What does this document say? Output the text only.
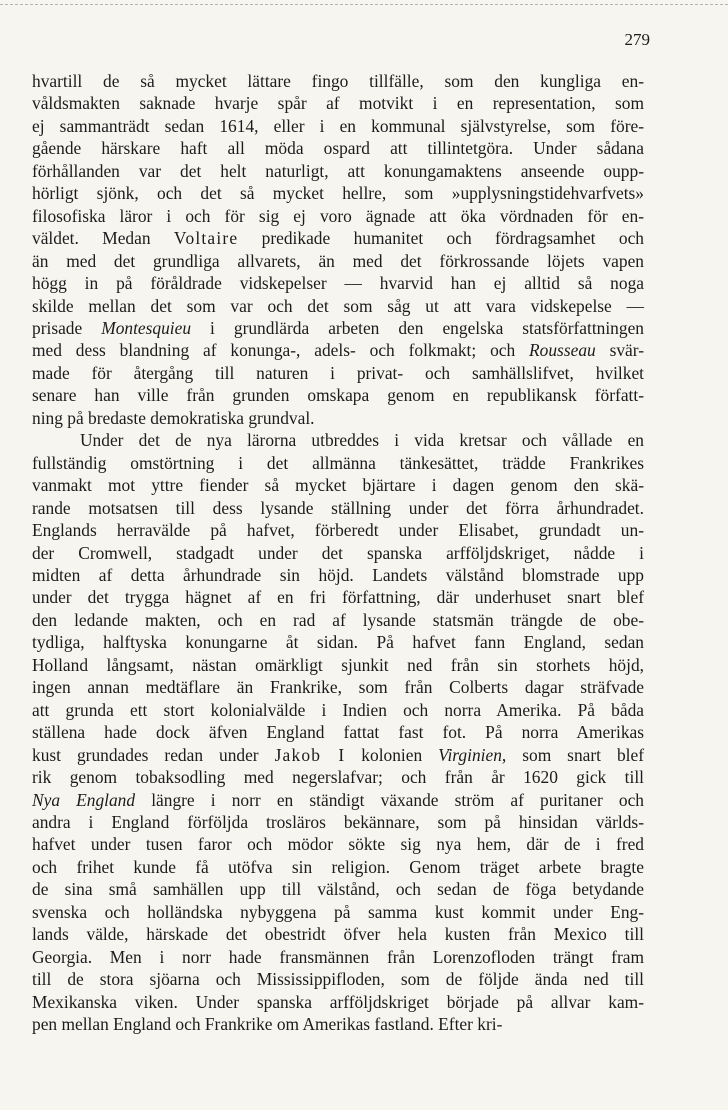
279
hvartill de så mycket lättare fingo tillfälle, som den kungliga en-
våldsmakten saknade hvarje spår af motvikt i en representation, som
ej sammanträdt sedan 1614, eller i en kommunal självstyrelse, som före-
gående härskare haft all möda ospard att tillintetgöra. Under sådana
förhållanden var det helt naturligt, att konungamaktens anseende oupp-
hörligt sjönk, och det så mycket hellre, som »upplysningstidehvarfvets»
filosofiska läror i och för sig ej voro ägnade att öka vördnaden för en-
väldet. Medan Voltaire predikade humanitet och fördragsamhet och
än med det grundliga allvarets, än med det förkrossande löjets vapen
högg in på föråldrade vidskepelser — hvarvid han ej alltid så noga
skilde mellan det som var och det som såg ut att vara vidskepelse —
prisade Montesquieu i grundlärda arbeten den engelska statsförfattningen
med dess blandning af konunga-, adels- och folkmakt; och Rousseau svär-
made för återgång till naturen i privat- och samhällslifvet, hvilket
senare han ville från grunden omskapa genom en republikansk författ-
ning på bredaste demokratiska grundval.
Under det de nya lärorna utbreddes i vida kretsar och vållade en
fullständig omstörtning i det allmänna tänkesättet, trädde Frankrikes
vanmakt mot yttre fiender så mycket bjärtare i dagen genom den skä-
rande motsatsen till dess lysande ställning under det förra århundradet.
Englands herravälde på hafvet, förberedt under Elisabet, grundadt un-
der Cromwell, stadgadt under det spanska arfföljdskriget, nådde i
midten af detta århundrade sin höjd. Landets välstånd blomstrade upp
under det trygga hägnet af en fri författning, där underhuset snart blef
den ledande makten, och en rad af lysande statsmän trängde de obe-
tydliga, halftyska konungarne åt sidan. På hafvet fann England, sedan
Holland långsamt, nästan omärkligt sjunkit ned från sin storhets höjd,
ingen annan medtäflare än Frankrike, som från Colberts dagar sträfvade
att grunda ett stort kolonialvälde i Indien och norra Amerika. På båda
ställena hade dock äfven England fattat fast fot. På norra Amerikas
kust grundades redan under Jakob I kolonien Virginien, som snart blef
rik genom tobaksodling med negerslafvar; och från år 1620 gick till
Nya England längre i norr en ständigt växande ström af puritaner och
andra i England förföljda trosläros bekännare, som på hinsidan världs-
hafvet under tusen faror och mödor sökte sig nya hem, där de i fred
och frihet kunde få utöfva sin religion. Genom träget arbete bragte
de sina små samhällen upp till välstånd, och sedan de föga betydande
svenska och holländska nybyggena på samma kust kommit under Eng-
lands välde, härskade det obestridt öfver hela kusten från Mexico till
Georgia. Men i norr hade fransmännen från Lorenzofloden trängt fram
till de stora sjöarna och Mississippifloden, som de följde ända ned till
Mexikanska viken. Under spanska arfföljdskriget började på allvar kam-
pen mellan England och Frankrike om Amerikas fastland. Efter kri-
